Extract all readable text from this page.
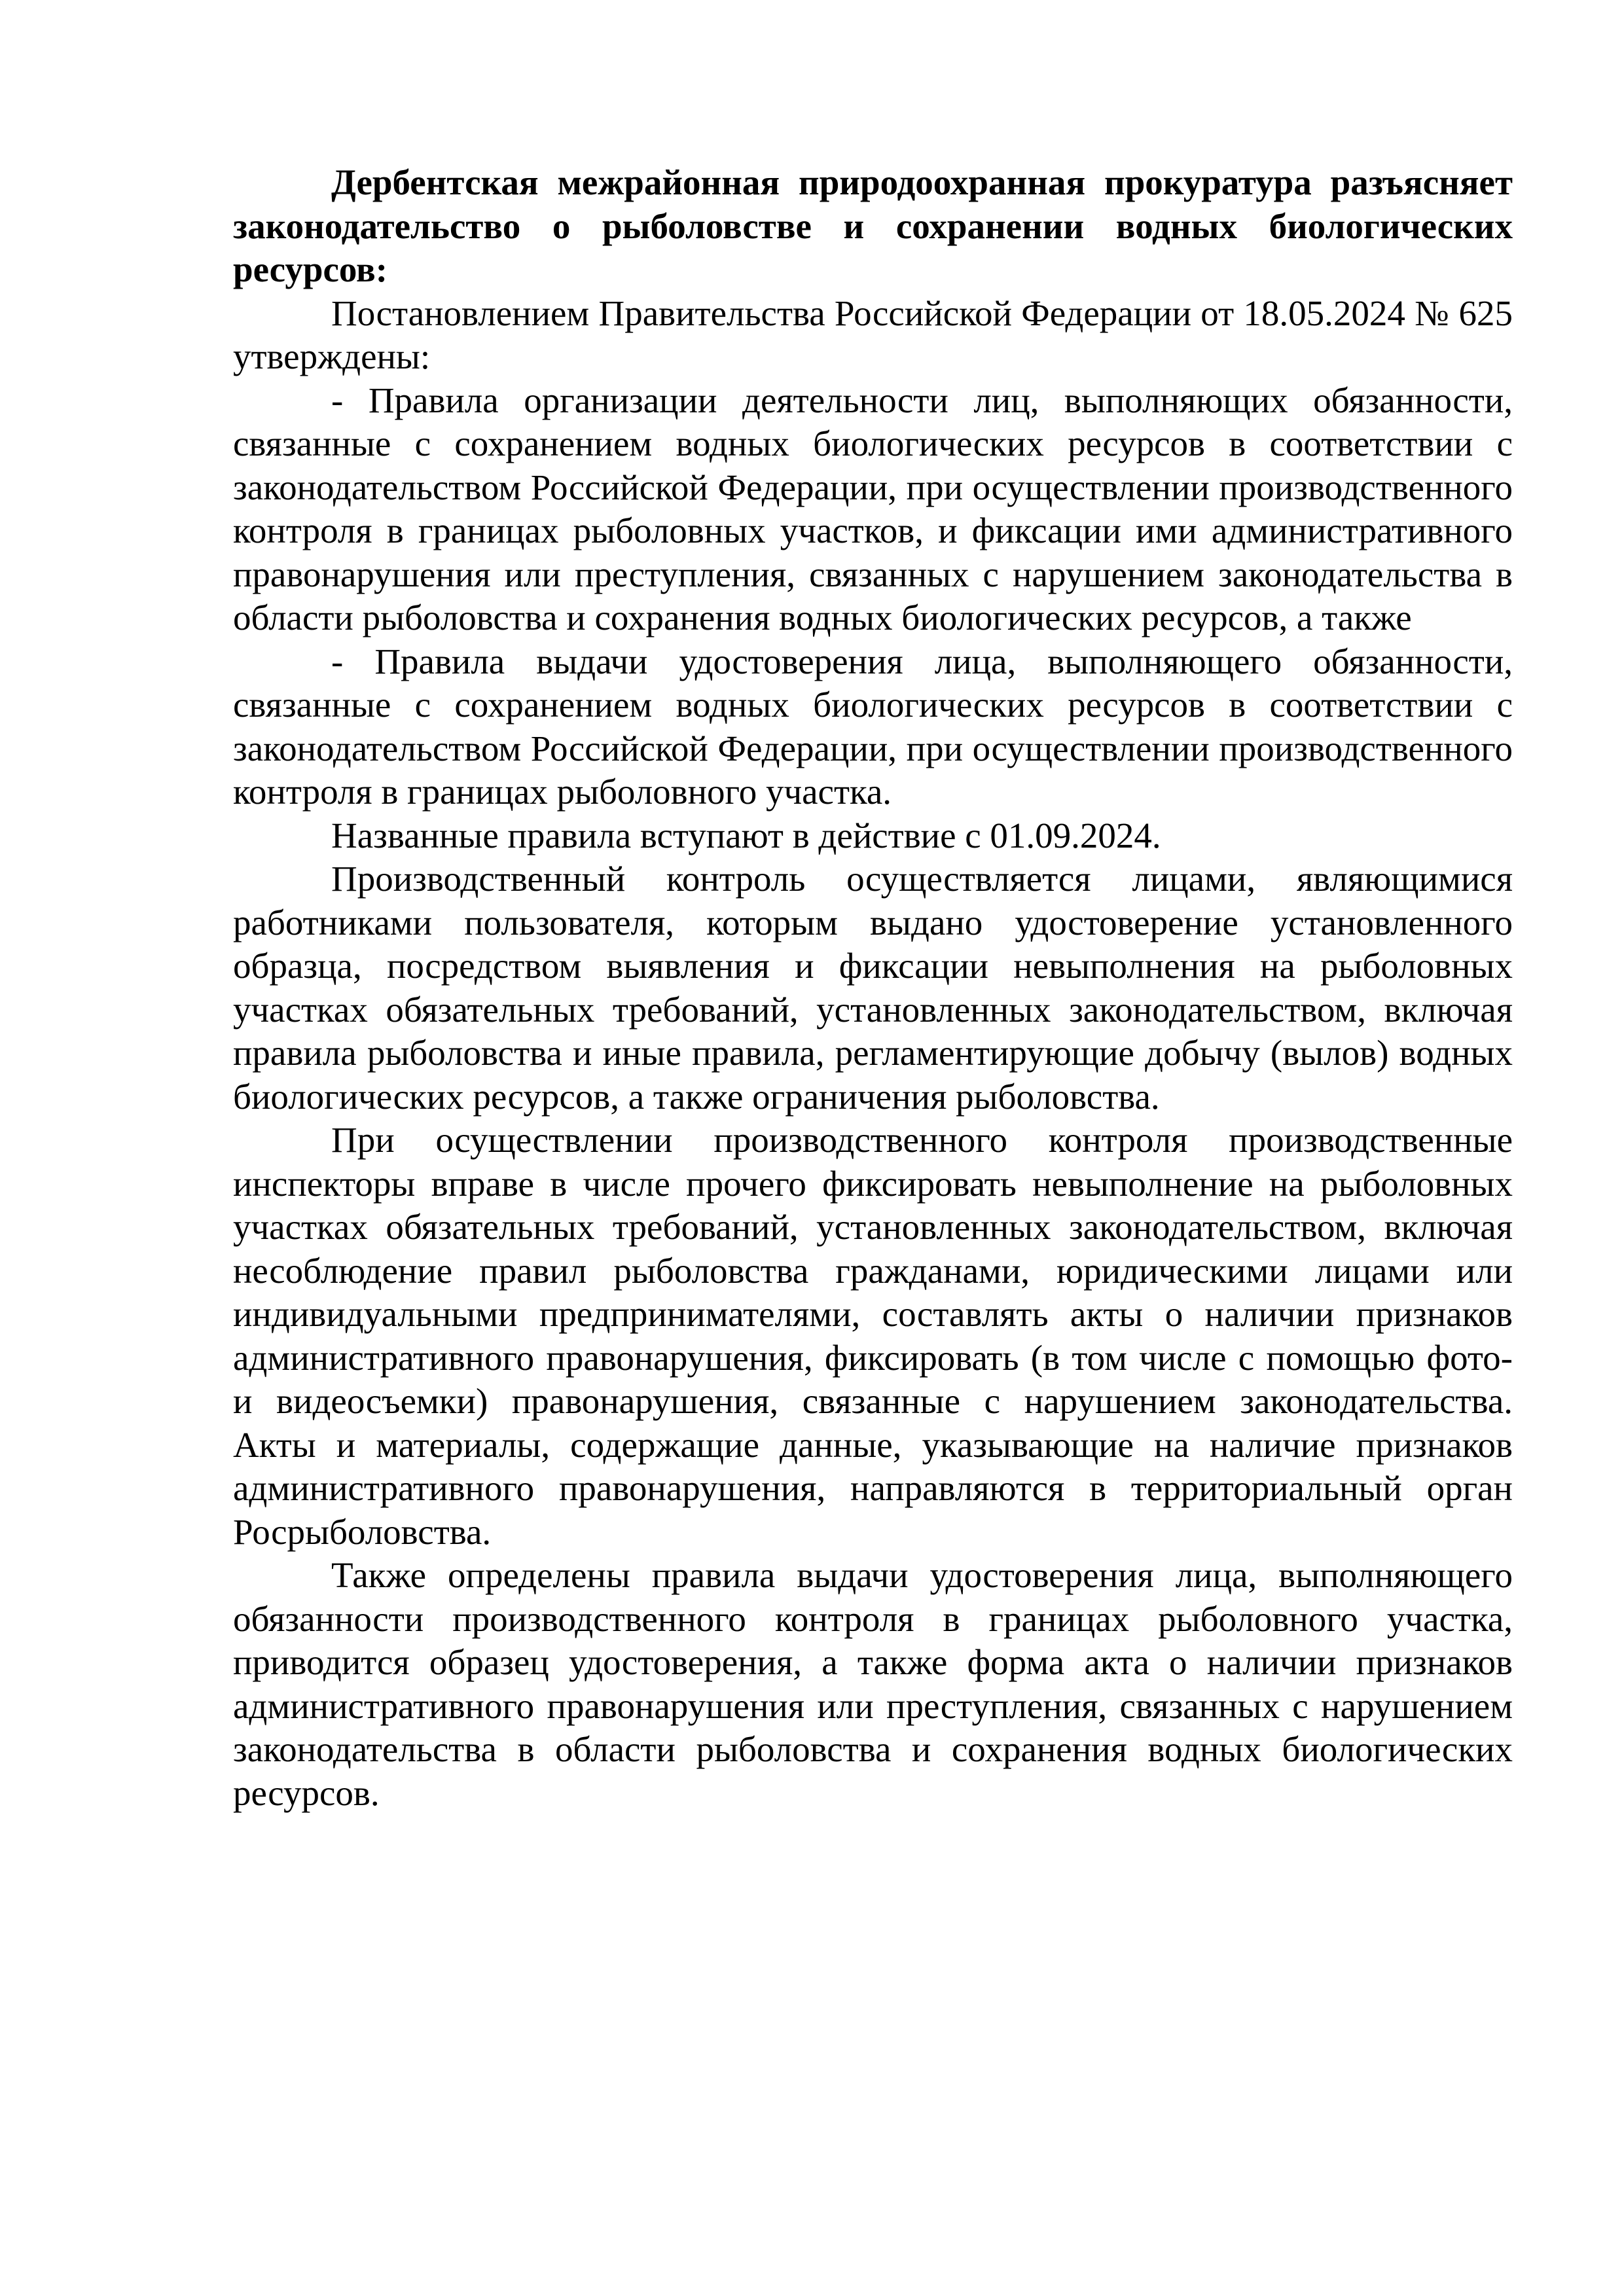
Дербентская межрайонная природоохранная прокуратура разъясняет законодательство о рыболовстве и сохранении водных биологических ресурсов:

Постановлением Правительства Российской Федерации от 18.05.2024 № 625 утверждены:

- Правила организации деятельности лиц, выполняющих обязанности, связанные с сохранением водных биологических ресурсов в соответствии с законодательством Российской Федерации, при осуществлении производственного контроля в границах рыболовных участков, и фиксации ими административного правонарушения или преступления, связанных с нарушением законодательства в области рыболовства и сохранения водных биологических ресурсов, а также

- Правила выдачи удостоверения лица, выполняющего обязанности, связанные с сохранением водных биологических ресурсов в соответствии с законодательством Российской Федерации, при осуществлении производственного контроля в границах рыболовного участка.

Названные правила вступают в действие с 01.09.2024.

Производственный контроль осуществляется лицами, являющимися работниками пользователя, которым выдано удостоверение установленного образца, посредством выявления и фиксации невыполнения на рыболовных участках обязательных требований, установленных законодательством, включая правила рыболовства и иные правила, регламентирующие добычу (вылов) водных биологических ресурсов, а также ограничения рыболовства.

При осуществлении производственного контроля производственные инспекторы вправе в числе прочего фиксировать невыполнение на рыболовных участках обязательных требований, установленных законодательством, включая несоблюдение правил рыболовства гражданами, юридическими лицами или индивидуальными предпринимателями, составлять акты о наличии признаков административного правонарушения, фиксировать (в том числе с помощью фото- и видеосъемки) правонарушения, связанные с нарушением законодательства. Акты и материалы, содержащие данные, указывающие на наличие признаков административного правонарушения, направляются в территориальный орган Росрыболовства.

Также определены правила выдачи удостоверения лица, выполняющего обязанности производственного контроля в границах рыболовного участка, приводится образец удостоверения, а также форма акта о наличии признаков административного правонарушения или преступления, связанных с нарушением законодательства в области рыболовства и сохранения водных биологических ресурсов.
